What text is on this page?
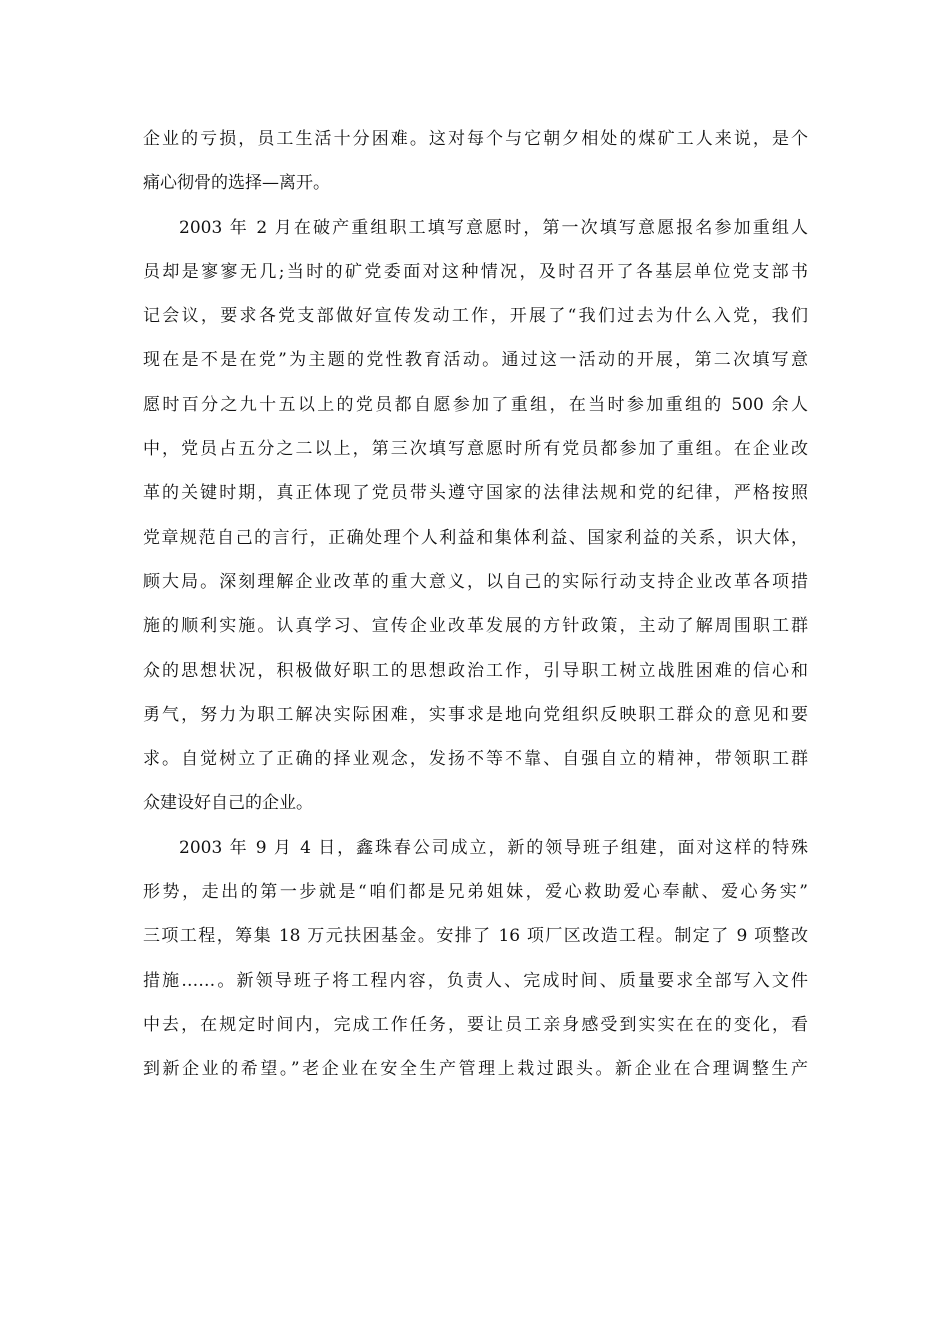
企业的亏损，员工生活十分困难。这对每个与它朝夕相处的煤矿工人来说，是个
痛心彻骨的选择—离开。
2003 年 2 月在破产重组职工填写意愿时，第一次填写意愿报名参加重组人
员却是寥寥无几;当时的矿党委面对这种情况，及时召开了各基层单位党支部书
记会议，要求各党支部做好宣传发动工作，开展了“我们过去为什么入党，我们
现在是不是在党”为主题的党性教育活动。通过这一活动的开展，第二次填写意
愿时百分之九十五以上的党员都自愿参加了重组，在当时参加重组的 500 余人
中，党员占五分之二以上，第三次填写意愿时所有党员都参加了重组。在企业改
革的关键时期，真正体现了党员带头遵守国家的法律法规和党的纪律，严格按照
党章规范自己的言行，正确处理个人利益和集体利益、国家利益的关系，识大体，
顾大局。深刻理解企业改革的重大意义，以自己的实际行动支持企业改革各项措
施的顺利实施。认真学习、宣传企业改革发展的方针政策，主动了解周围职工群
众的思想状况，积极做好职工的思想政治工作，引导职工树立战胜困难的信心和
勇气，努力为职工解决实际困难，实事求是地向党组织反映职工群众的意见和要
求。自觉树立了正确的择业观念，发扬不等不靠、自强自立的精神，带领职工群
众建设好自己的企业。
2003 年 9 月 4 日，鑫珠春公司成立，新的领导班子组建，面对这样的特殊
形势，走出的第一步就是“咱们都是兄弟姐妹，爱心救助爱心奉献、爱心务实”
三项工程，筹集 18 万元扶困基金。安排了 16 项厂区改造工程。制定了 9 项整改
措施……。新领导班子将工程内容，负责人、完成时间、质量要求全部写入文件
中去，在规定时间内，完成工作任务，要让员工亲身感受到实实在在的变化，看
到新企业的希望。”老企业在安全生产管理上栽过跟头。新企业在合理调整生产
